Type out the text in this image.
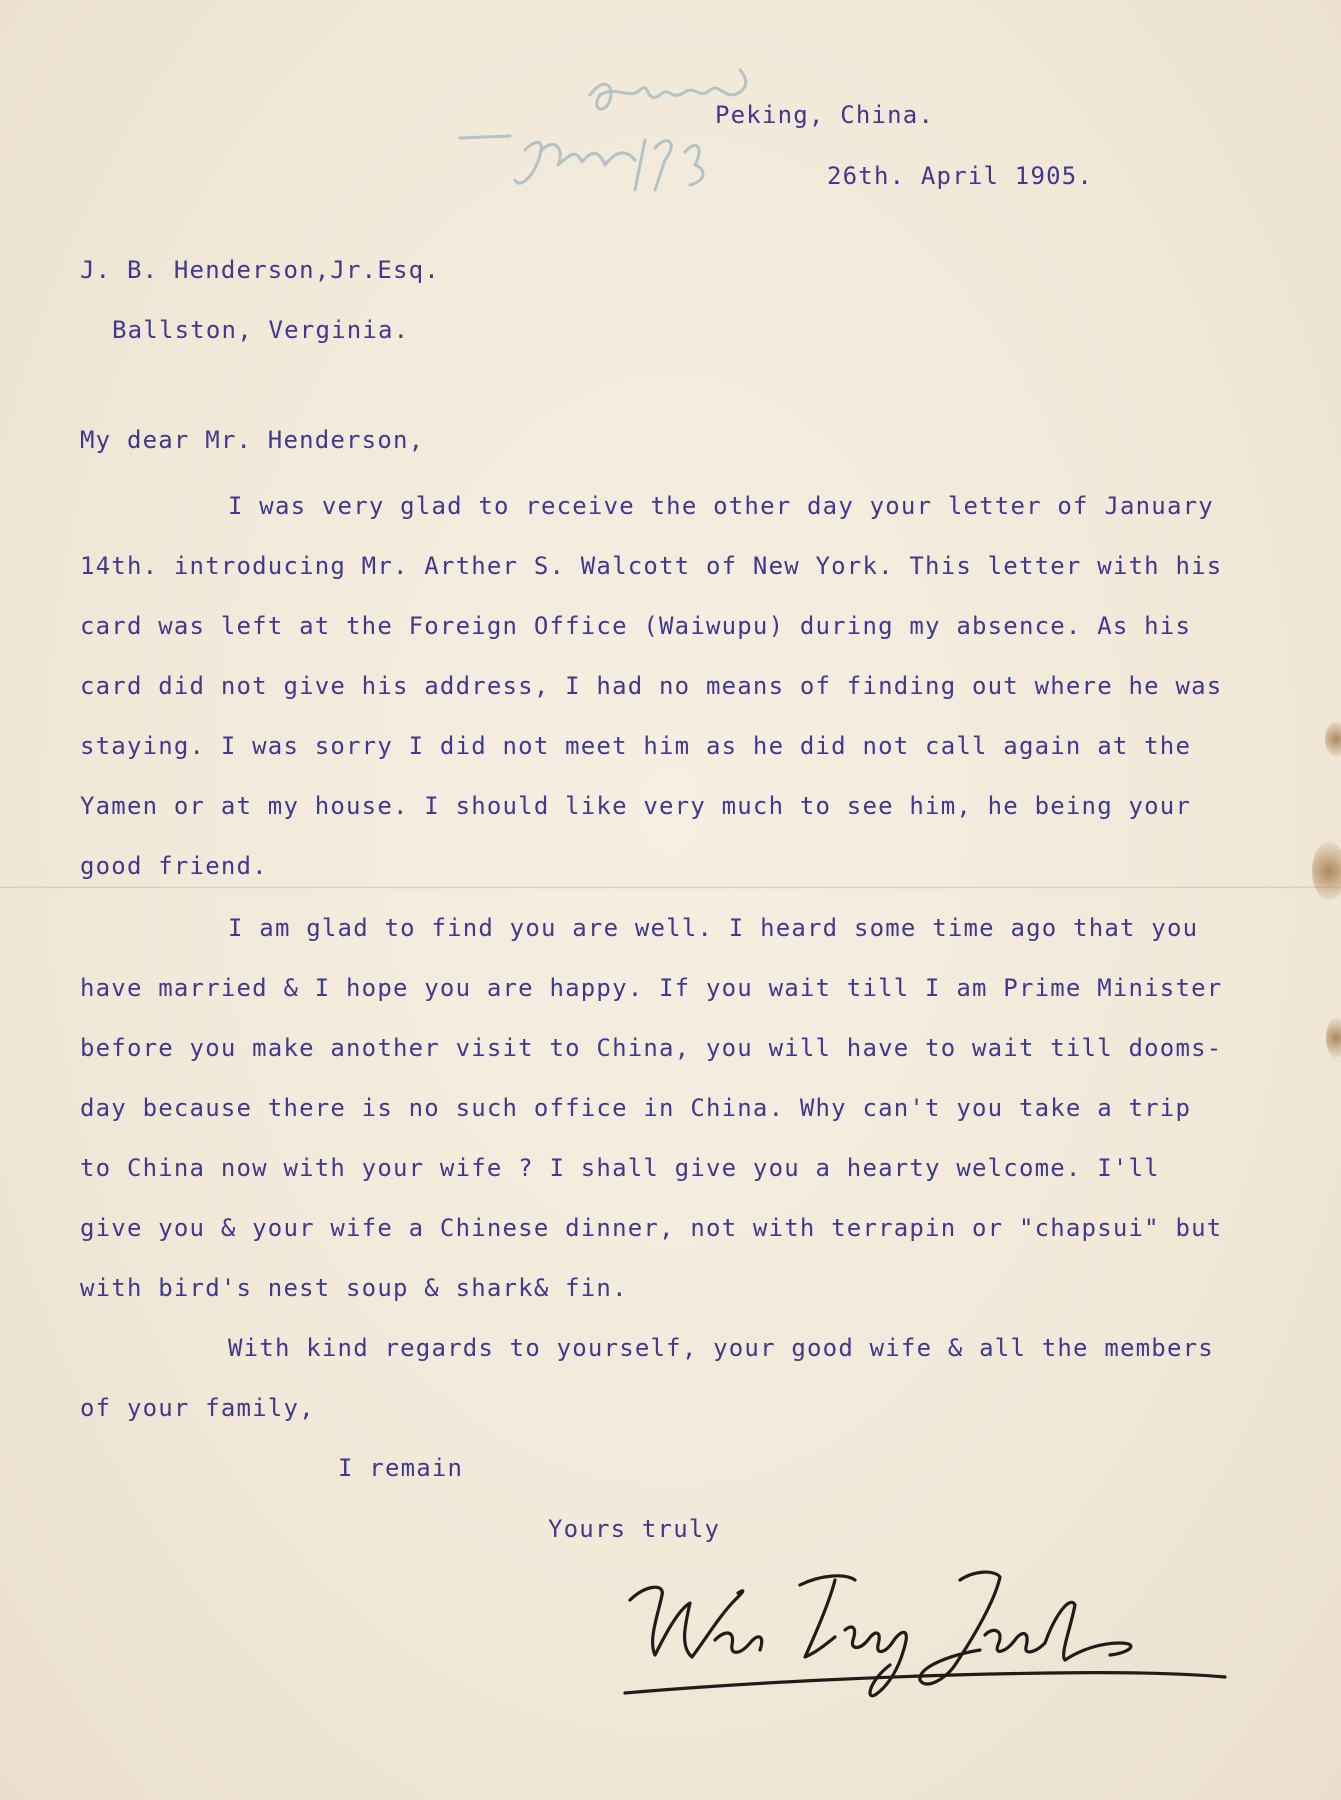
Peking, China.
26th. April 1905.
J. B. Henderson,Jr.Esq.
Ballston, Verginia.
My dear Mr. Henderson,
I was very glad to receive the other day your letter of January
14th. introducing Mr. Arther S. Walcott of New York. This letter with his
card was left at the Foreign Office (Waiwupu) during my absence. As his
card did not give his address, I had no means of finding out where he was
staying. I was sorry I did not meet him as he did not call again at the
Yamen or at my house. I should like very much to see him, he being your
good friend.
I am glad to find you are well. I heard some time ago that you
have married & I hope you are happy. If you wait till I am Prime Minister
before you make another visit to China, you will have to wait till dooms-
day because there is no such office in China. Why can't you take a trip
to China now with your wife ? I shall give you a hearty welcome. I'll
give you & your wife a Chinese dinner, not with terrapin or "chapsui" but
with bird's nest soup & shark& fin.
With kind regards to yourself, your good wife & all the members
of your family,
I remain
Yours truly
